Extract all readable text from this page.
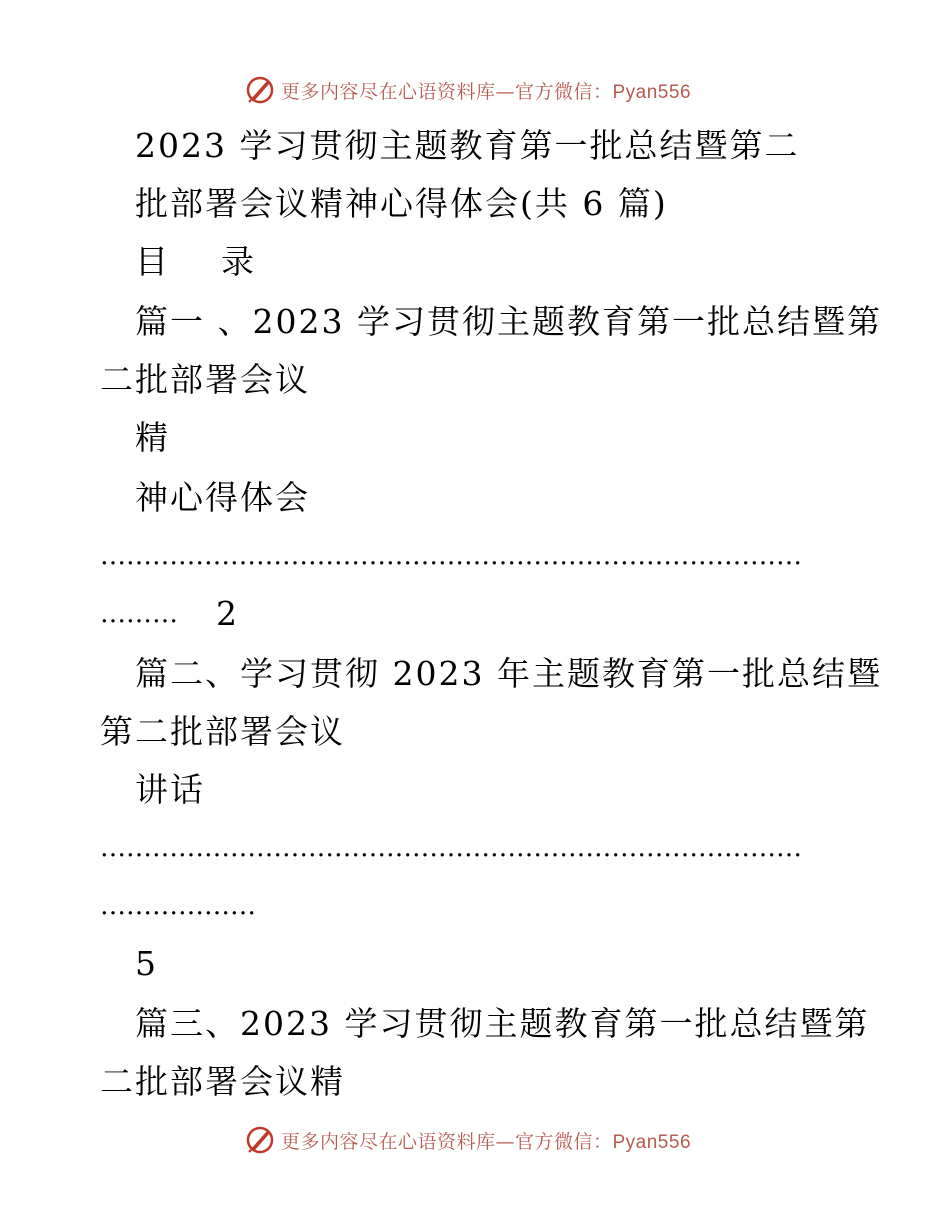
更多内容尽在心语资料库—官方微信：Pyan556
2023 学习贯彻主题教育第一批总结暨第二
批部署会议精神心得体会(共 6 篇)
目　录
篇一 、2023 学习贯彻主题教育第一批总结暨第
二批部署会议
精
神心得体会
………………………………………………………………………
……… 2
篇二、学习贯彻 2023 年主题教育第一批总结暨
第二批部署会议
讲话
………………………………………………………………………
………………
5
篇三、2023 学习贯彻主题教育第一批总结暨第
二批部署会议精
更多内容尽在心语资料库—官方微信：Pyan556
